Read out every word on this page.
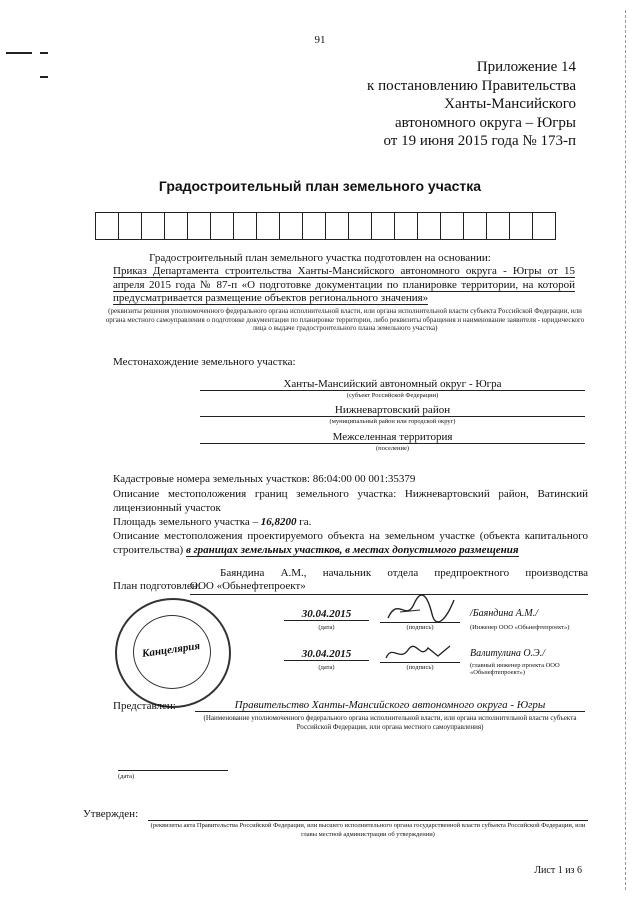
91
Приложение 14
к постановлению Правительства
Ханты-Мансийского
автономного округа – Югры
от 19 июня 2015 года № 173-п
Градостроительный план земельного участка
Градостроительный план земельного участка подготовлен на основании:
Приказ Департамента строительства Ханты-Мансийского автономного округа - Югры от 15 апреля 2015 года № 87-п «О подготовке документации по планировке территории, на которой предусматривается размещение объектов регионального значения»
(реквизиты решения уполномоченного федерального органа исполнительной власти, или органа исполнительной власти субъекта Российской Федерации, или органа местного самоуправления о подготовке документации по планировке территории, либо реквизиты обращения и наименование заявителя - юридического лица о выдаче градостроительного плана земельного участка)
Местонахождение земельного участка:
Ханты-Мансийский автономный округ - Югра
(субъект Российской Федерации)
Нижневартовский район
(муниципальный район или городской округ)
Межселенная территория
(поселение)
Кадастровые номера земельных участков: 86:04:00 00 001:35379
Описание местоположения границ земельного участка: Нижневартовский район, Ватинский лицензионный участок
Площадь земельного участка – 16,8200 га.
Описание местоположения проектируемого объекта на земельном участке (объекта капитального строительства) в границах земельных участков, в местах допустимого размещения
Баяндина А.М., начальник отдела предпроектного производства
План подготовлен:
ООО «Обьнефтепроект»
Канцелярия
30.04.2015
(дата)	(подпись)
/Баяндина А.М./
(Инженер ООО «Обьнефтепроект»)
30.04.2015
(дата)	(подпись)
Валитулина О.Э./
(главный инженер проекта ООО «Обьнефтепроект»)
Представлен:	Правительство Ханты-Мансийского автономного округа - Югры
(Наименование уполномоченного федерального органа исполнительной власти, или органа исполнительной власти субъекта Российской Федерации, или органа местного самоуправления)
(дата)
Утвержден:
(реквизиты акта Правительства Российской Федерации, или высшего исполнительного органа государственной власти субъекта Российской Федерации, или главы местной администрации об утверждении)
Лист 1 из 6
